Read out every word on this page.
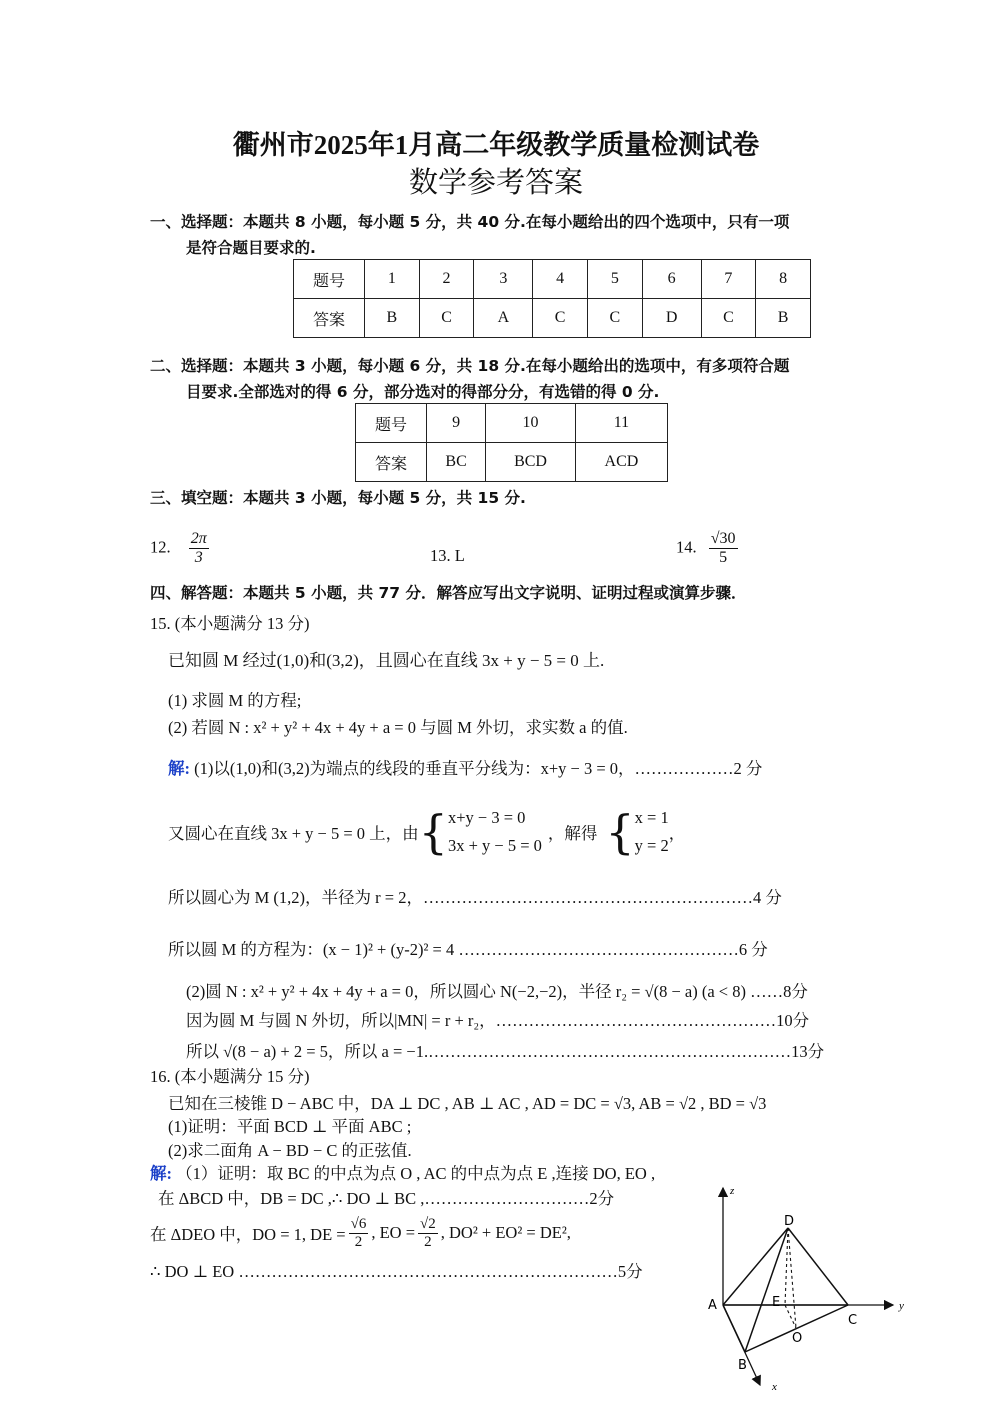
衢州市2025年1月高二年级教学质量检测试卷
数学参考答案
一、选择题：本题共 8 小题，每小题 5 分，共 40 分.在每小题给出的四个选项中，只有一项
是符合题目要求的.
题号	1	2	3	4	5	6	7	8
答案	B	C	A	C	C	D	C	B
二、选择题：本题共 3 小题，每小题 6 分，共 18 分.在每小题给出的选项中，有多项符合题
目要求.全部选对的得 6 分，部分选对的得部分分，有选错的得 0 分.
题号	9	10	11
答案	BC	BCD	ACD
三、填空题：本题共 3 小题，每小题 5 分，共 15 分.
12. $\frac{2\pi}{3}$	13. L	14. $\frac{√30}{5}$
四、解答题：本题共 5 小题，共 77 分．解答应写出文字说明、证明过程或演算步骤．
15. (本小题满分 13 分)
已知圆 M 经过(1,0)和(3,2)，且圆心在直线 3x + y − 5 = 0 上.
(1) 求圆 M 的方程;
(2) 若圆 N : x² + y² + 4x + 4y + a = 0 与圆 M 外切，求实数 a 的值.
解: (1)以(1,0)和(3,2)为端点的线段的垂直平分线为：x+y − 3 = 0，………………2 分
又圆心在直线 3x + y − 5 = 0 上，由 { x+y − 3 = 0
3x + y − 5 = 0
，解得 { x = 1
y = 2
，
所以圆心为 M (1,2)，半径为 r = 2，……………………………………………………4 分
所以圆 M 的方程为：(x − 1)² + (y-2)² = 4 ……………………………………………6 分
(2)圆 N : x² + y² + 4x + 4y + a = 0，所以圆心 N(−2,−2)，半径 r₂ = √(8 − a) (a < 8) ……8分
因为圆 M 与圆 N 外切，所以|MN| = r + r₂，……………………………………………10分
所以 √(8 − a) + 2 = 5，所以 a = −1.…………………………………………………………13分
16. (本小题满分 15 分)
已知在三棱锥 D − ABC 中，DA ⊥ DC , AB ⊥ AC , AD = DC = √3, AB = √2 , BD = √3
(1)证明：平面 BCD ⊥ 平面 ABC ;
(2)求二面角 A − BD − C 的正弦值.
解: （1）证明：取 BC 的中点为点 O , AC 的中点为点 E ,连接 DO, EO ,
在 ΔBCD 中，DB = DC ,∴ DO ⊥ BC ,…………………………2分
在 ΔDEO 中，DO = 1, DE = $\frac{√6}{2}$ , EO = $\frac{√2}{2}$ , DO² + EO² = DE²,
∴ DO ⊥ EO ……………………………………………………………5分
z
y
x
D
A
B
C
E
O
